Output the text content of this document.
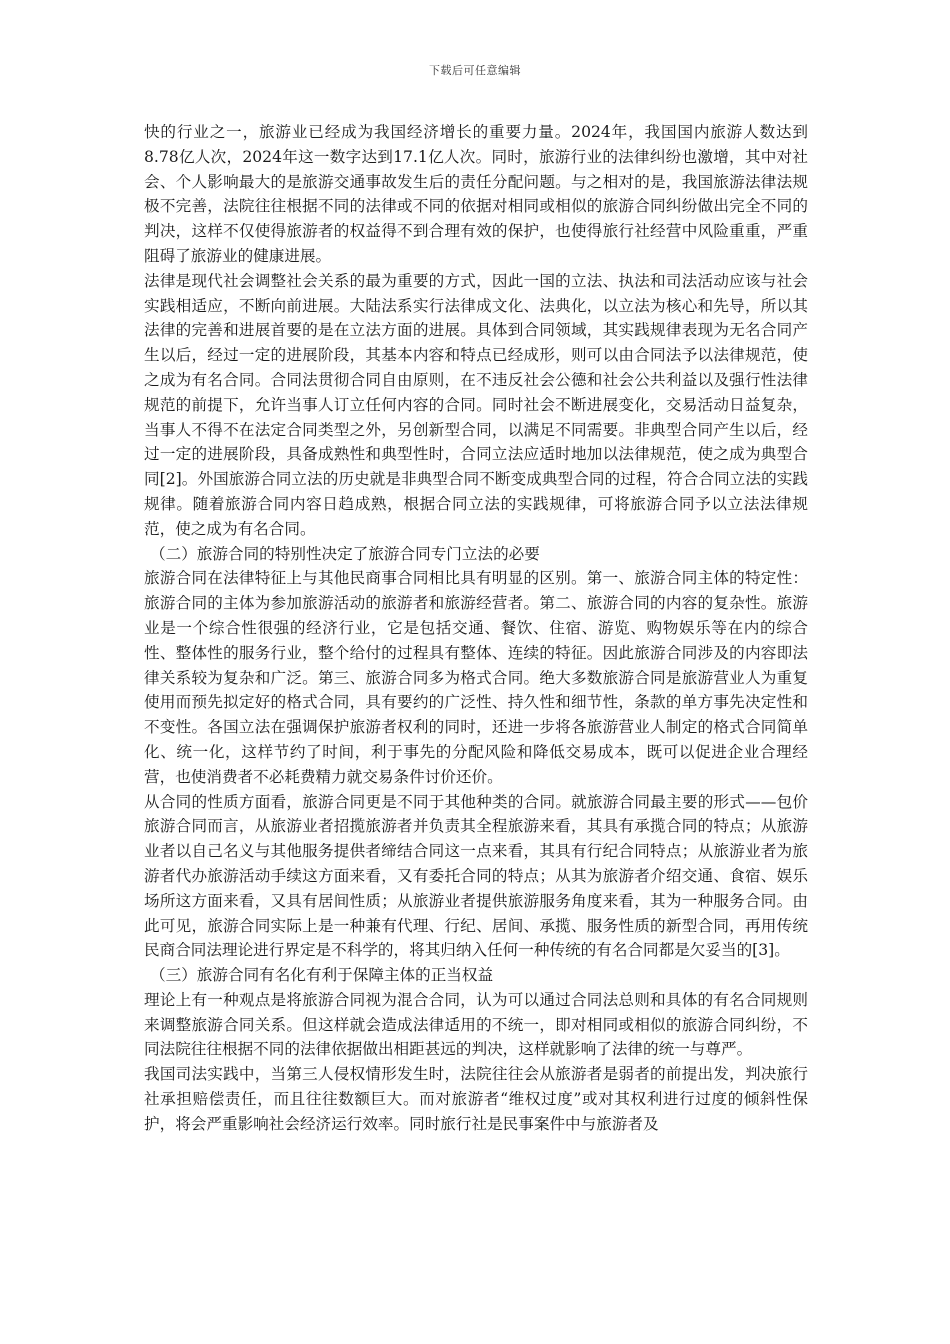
下载后可任意编辑

快的行业之一，旅游业已经成为我国经济增长的重要力量。2024年，我国国内旅游人数达到8.78亿人次，2024年这一数字达到17.1亿人次。同时，旅游行业的法律纠纷也激增，其中对社会、个人影响最大的是旅游交通事故发生后的责任分配问题。与之相对的是，我国旅游法律法规极不完善，法院往往根据不同的法律或不同的依据对相同或相似的旅游合同纠纷做出完全不同的判决，这样不仅使得旅游者的权益得不到合理有效的保护，也使得旅行社经营中风险重重，严重阻碍了旅游业的健康进展。

法律是现代社会调整社会关系的最为重要的方式，因此一国的立法、执法和司法活动应该与社会实践相适应，不断向前进展。大陆法系实行法律成文化、法典化，以立法为核心和先导，所以其法律的完善和进展首要的是在立法方面的进展。具体到合同领域，其实践规律表现为无名合同产生以后，经过一定的进展阶段，其基本内容和特点已经成形，则可以由合同法予以法律规范，使之成为有名合同。合同法贯彻合同自由原则，在不违反社会公德和社会公共利益以及强行性法律规范的前提下，允许当事人订立任何内容的合同。同时社会不断进展变化，交易活动日益复杂，当事人不得不在法定合同类型之外，另创新型合同，以满足不同需要。非典型合同产生以后，经过一定的进展阶段，具备成熟性和典型性时，合同立法应适时地加以法律规范，使之成为典型合同[2]。外国旅游合同立法的历史就是非典型合同不断变成典型合同的过程，符合合同立法的实践规律。随着旅游合同内容日趋成熟，根据合同立法的实践规律，可将旅游合同予以立法法律规范，使之成为有名合同。

（二）旅游合同的特别性决定了旅游合同专门立法的必要

旅游合同在法律特征上与其他民商事合同相比具有明显的区别。第一、旅游合同主体的特定性：旅游合同的主体为参加旅游活动的旅游者和旅游经营者。第二、旅游合同的内容的复杂性。旅游业是一个综合性很强的经济行业，它是包括交通、餐饮、住宿、游览、购物娱乐等在内的综合性、整体性的服务行业，整个给付的过程具有整体、连续的特征。因此旅游合同涉及的内容即法律关系较为复杂和广泛。第三、旅游合同多为格式合同。绝大多数旅游合同是旅游营业人为重复使用而预先拟定好的格式合同，具有要约的广泛性、持久性和细节性，条款的单方事先决定性和不变性。各国立法在强调保护旅游者权利的同时，还进一步将各旅游营业人制定的格式合同简单化、统一化，这样节约了时间，利于事先的分配风险和降低交易成本，既可以促进企业合理经营，也使消费者不必耗费精力就交易条件讨价还价。

从合同的性质方面看，旅游合同更是不同于其他种类的合同。就旅游合同最主要的形式——包价旅游合同而言，从旅游业者招揽旅游者并负责其全程旅游来看，其具有承揽合同的特点；从旅游业者以自己名义与其他服务提供者缔结合同这一点来看，其具有行纪合同特点；从旅游业者为旅游者代办旅游活动手续这方面来看，又有委托合同的特点；从其为旅游者介绍交通、食宿、娱乐场所这方面来看，又具有居间性质；从旅游业者提供旅游服务角度来看，其为一种服务合同。由此可见，旅游合同实际上是一种兼有代理、行纪、居间、承揽、服务性质的新型合同，再用传统民商合同法理论进行界定是不科学的，将其归纳入任何一种传统的有名合同都是欠妥当的[3]。

（三）旅游合同有名化有利于保障主体的正当权益

理论上有一种观点是将旅游合同视为混合合同，认为可以通过合同法总则和具体的有名合同规则来调整旅游合同关系。但这样就会造成法律适用的不统一，即对相同或相似的旅游合同纠纷，不同法院往往根据不同的法律依据做出相距甚远的判决，这样就影响了法律的统一与尊严。

我国司法实践中，当第三人侵权情形发生时，法院往往会从旅游者是弱者的前提出发，判决旅行社承担赔偿责任，而且往往数额巨大。而对旅游者“维权过度”或对其权利进行过度的倾斜性保护，将会严重影响社会经济运行效率。同时旅行社是民事案件中与旅游者及
